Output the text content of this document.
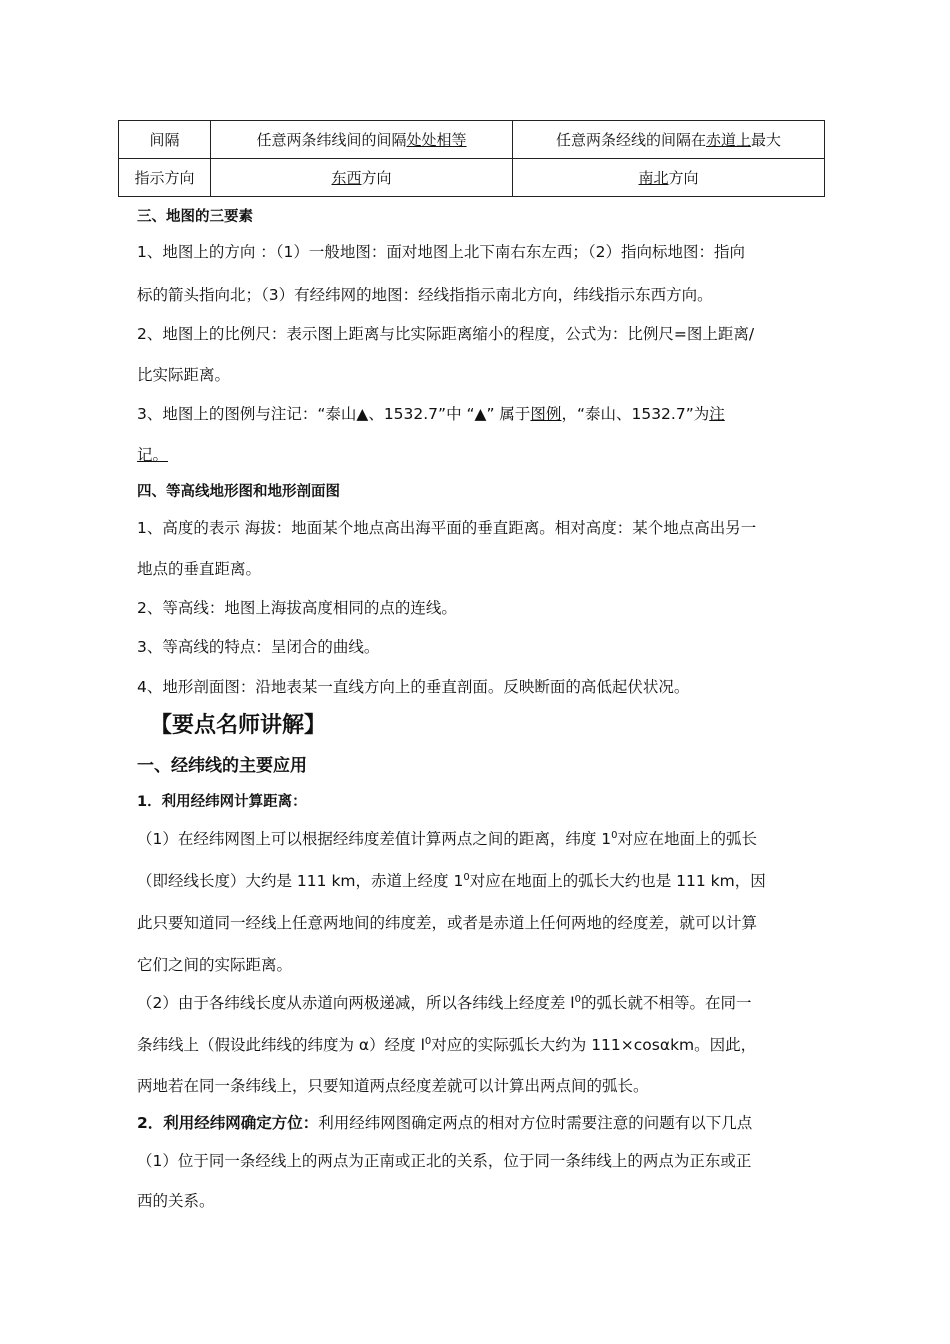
间隔	任意两条纬线间的间隔处处相等	任意两条经线的间隔在赤道上最大
指示方向	东西方向	南北方向
三、地图的三要素
1、地图上的方向 ：（1）一般地图：面对地图上北下南右东左西；（2）指向标地图：指向
标的箭头指向北；（3）有经纬网的地图：经线指指示南北方向，纬线指示东西方向。
2、地图上的比例尺：表示图上距离与比实际距离缩小的程度，公式为：比例尺=图上距离/
比实际距离。
3、地图上的图例与注记：“泰山▲、1532.7”中 “▲” 属于图例，“泰山、1532.7”为注
记。
四、等高线地形图和地形剖面图
1、高度的表示 海拔：地面某个地点高出海平面的垂直距离。相对高度：某个地点高出另一
地点的垂直距离。
2、等高线：地图上海拔高度相同的点的连线。
3、等高线的特点：呈闭合的曲线。
4、地形剖面图：沿地表某一直线方向上的垂直剖面。反映断面的高低起伏状况。
【要点名师讲解】
一、经纬线的主要应用
1．利用经纬网计算距离：
（1）在经纬网图上可以根据经纬度差值计算两点之间的距离，纬度 $1^0$对应在地面上的弧长
（即经线长度）大约是 111 km，赤道上经度 $1^0$对应在地面上的弧长大约也是 111 km，因
此只要知道同一经线上任意两地间的纬度差，或者是赤道上任何两地的经度差，就可以计算
它们之间的实际距离。
（2）由于各纬线长度从赤道向两极递减，所以各纬线上经度差 $l^0$的弧长就不相等。在同一
条纬线上（假设此纬线的纬度为 α）经度 $l^0$对应的实际弧长大约为 111×cosαkm。因此，
两地若在同一条纬线上，只要知道两点经度差就可以计算出两点间的弧长。
2．利用经纬网确定方位：利用经纬网图确定两点的相对方位时需要注意的问题有以下几点
（1）位于同一条经线上的两点为正南或正北的关系，位于同一条纬线上的两点为正东或正
西的关系。
